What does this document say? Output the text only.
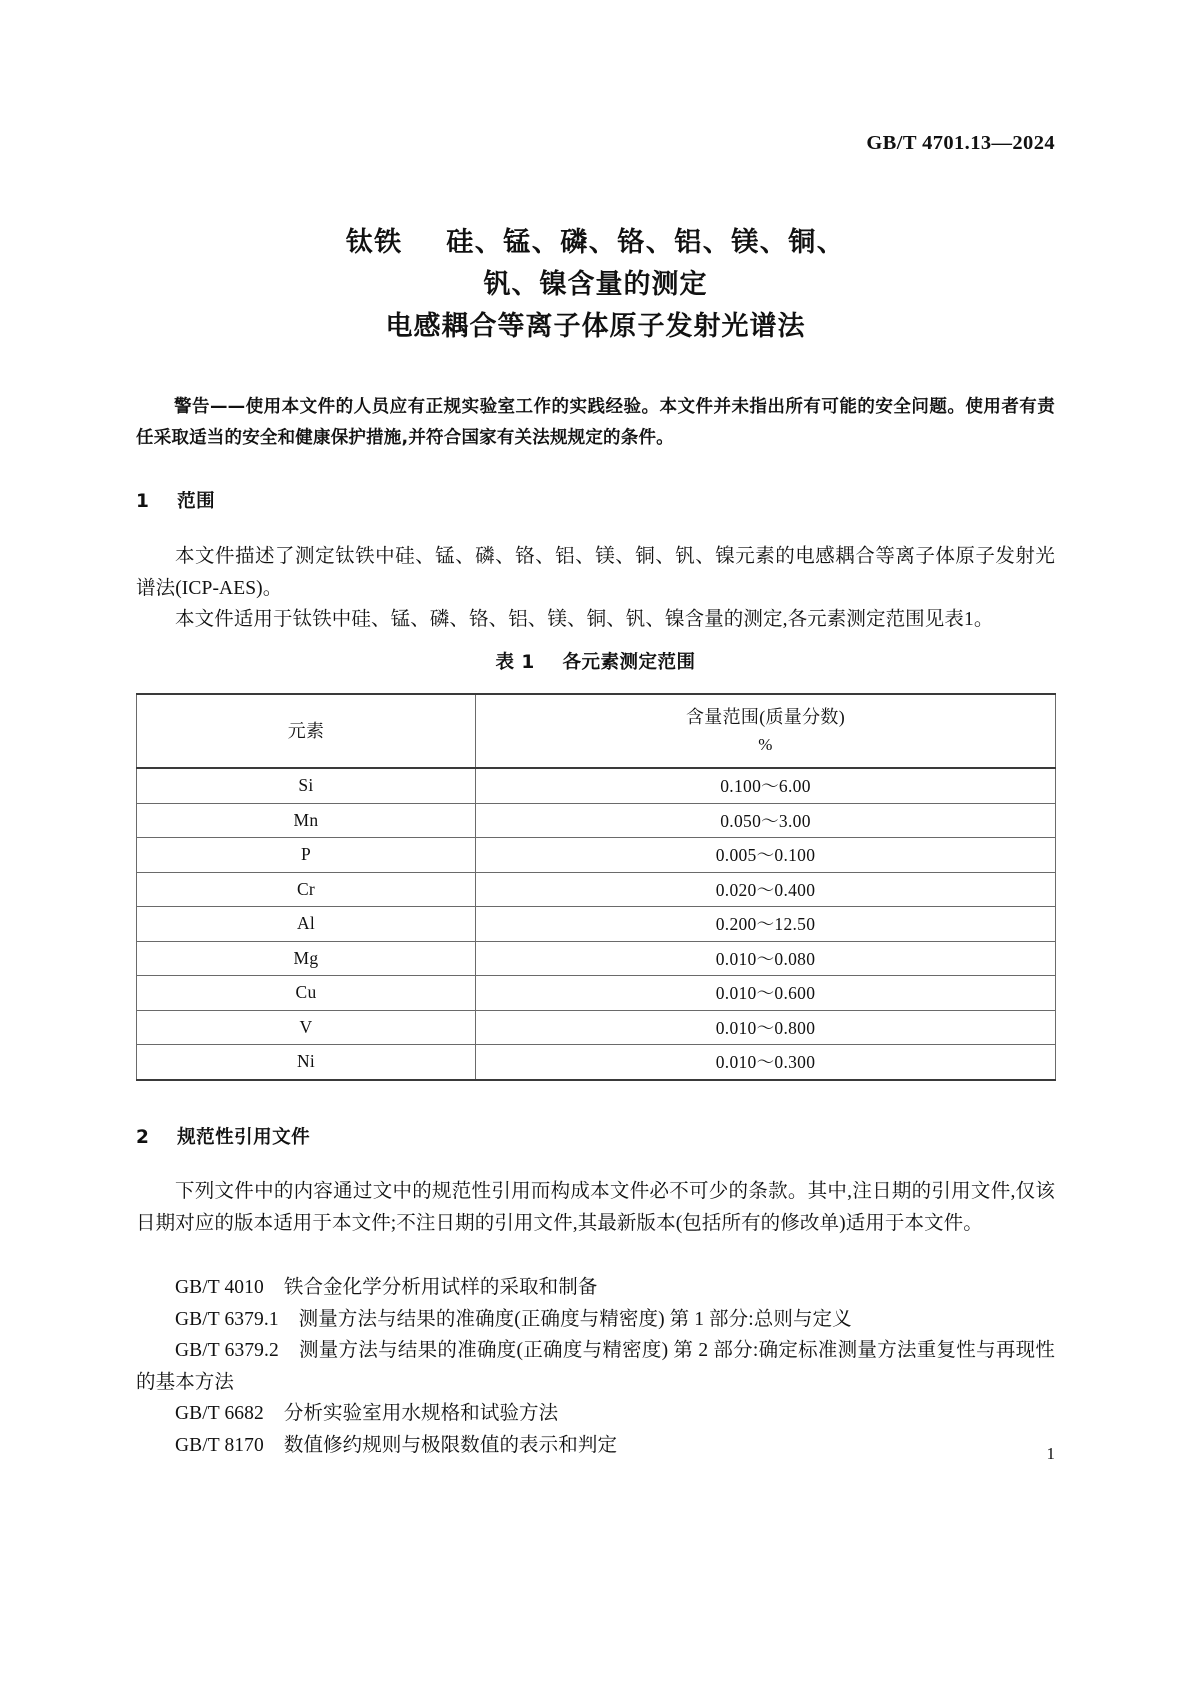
GB/T 4701.13—2024
钛铁    硅、锰、磷、铬、铝、镁、铜、
钒、镍含量的测定
电感耦合等离子体原子发射光谱法
警告——使用本文件的人员应有正规实验室工作的实践经验。本文件并未指出所有可能的安全问题。使用者有责任采取适当的安全和健康保护措施,并符合国家有关法规规定的条件。
1    范围
本文件描述了测定钛铁中硅、锰、磷、铬、铝、镁、铜、钒、镍元素的电感耦合等离子体原子发射光谱法(ICP-AES)。
本文件适用于钛铁中硅、锰、磷、铬、铝、镁、铜、钒、镍含量的测定,各元素测定范围见表1。
表 1    各元素测定范围
元素	含量范围(质量分数)
%

Si	0.100～6.00
Mn	0.050～3.00
P	0.005～0.100
Cr	0.020～0.400
Al	0.200～12.50
Mg	0.010～0.080
Cu	0.010～0.600
V	0.010～0.800
Ni	0.010～0.300
2    规范性引用文件
下列文件中的内容通过文中的规范性引用而构成本文件必不可少的条款。其中,注日期的引用文件,仅该日期对应的版本适用于本文件;不注日期的引用文件,其最新版本(包括所有的修改单)适用于本文件。
GB/T 4010 铁合金化学分析用试样的采取和制备
GB/T 6379.1 测量方法与结果的准确度(正确度与精密度) 第 1 部分:总则与定义
GB/T 6379.2 测量方法与结果的准确度(正确度与精密度) 第 2 部分:确定标准测量方法重复性与再现性的基本方法
GB/T 6682 分析实验室用水规格和试验方法
GB/T 8170 数值修约规则与极限数值的表示和判定	1
